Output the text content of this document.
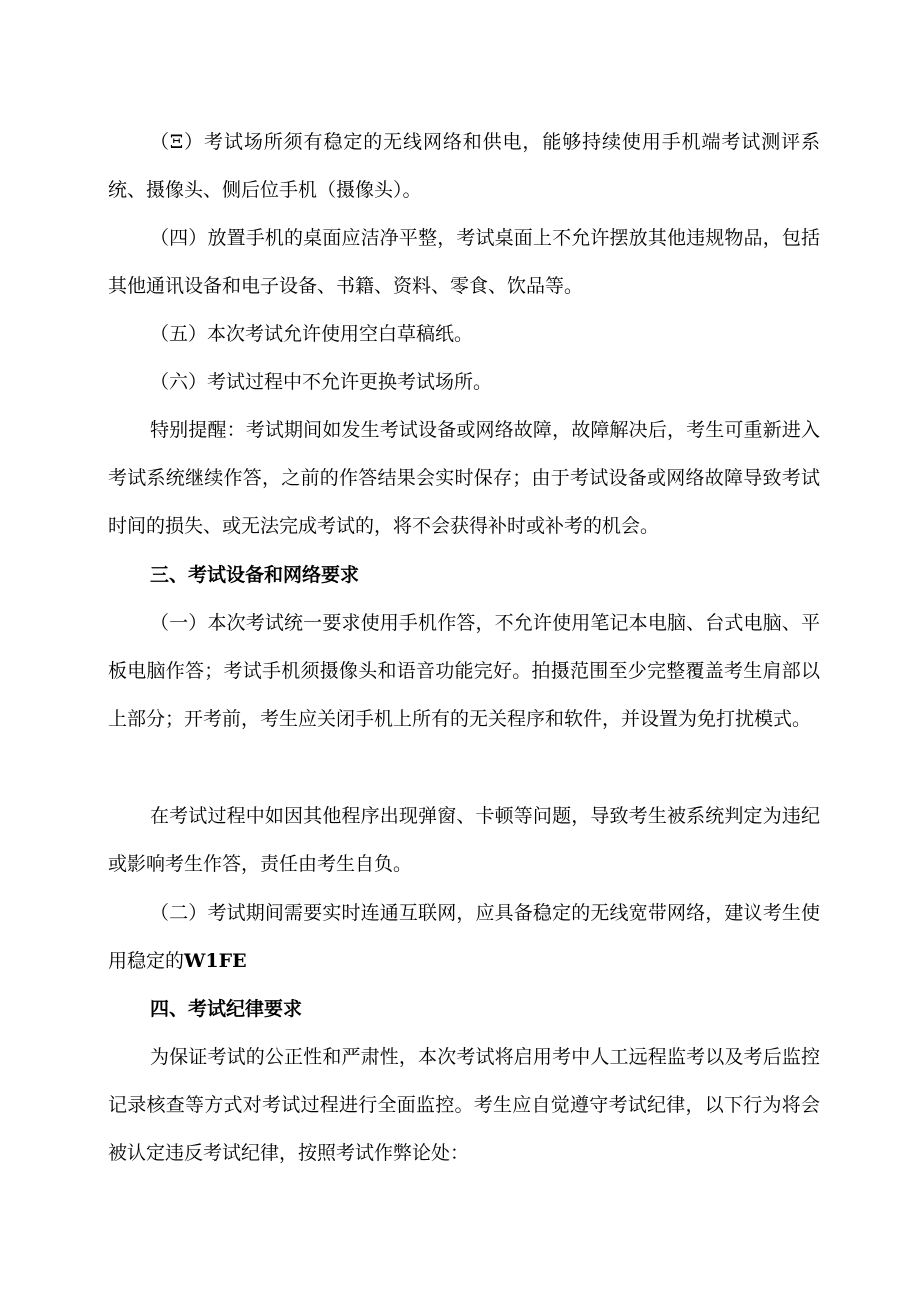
（Ξ）考试场所须有稳定的无线网络和供电，能够持续使用手机端考试测评系统、摄像头、侧后位手机（摄像头）。

（四）放置手机的桌面应洁净平整，考试桌面上不允许摆放其他违规物品，包括其他通讯设备和电子设备、书籍、资料、零食、饮品等。

（五）本次考试允许使用空白草稿纸。

（六）考试过程中不允许更换考试场所。

特别提醒：考试期间如发生考试设备或网络故障，故障解决后，考生可重新进入考试系统继续作答，之前的作答结果会实时保存；由于考试设备或网络故障导致考试时间的损失、或无法完成考试的，将不会获得补时或补考的机会。

三、考试设备和网络要求

（一）本次考试统一要求使用手机作答，不允许使用笔记本电脑、台式电脑、平板电脑作答；考试手机须摄像头和语音功能完好。拍摄范围至少完整覆盖考生肩部以上部分；开考前，考生应关闭手机上所有的无关程序和软件，并设置为免打扰模式。

在考试过程中如因其他程序出现弹窗、卡顿等问题，导致考生被系统判定为违纪或影响考生作答，责任由考生自负。

（二）考试期间需要实时连通互联网，应具备稳定的无线宽带网络，建议考生使用稳定的W1FE

四、考试纪律要求

为保证考试的公正性和严肃性，本次考试将启用考中人工远程监考以及考后监控记录核查等方式对考试过程进行全面监控。考生应自觉遵守考试纪律，以下行为将会被认定违反考试纪律，按照考试作弊论处：
